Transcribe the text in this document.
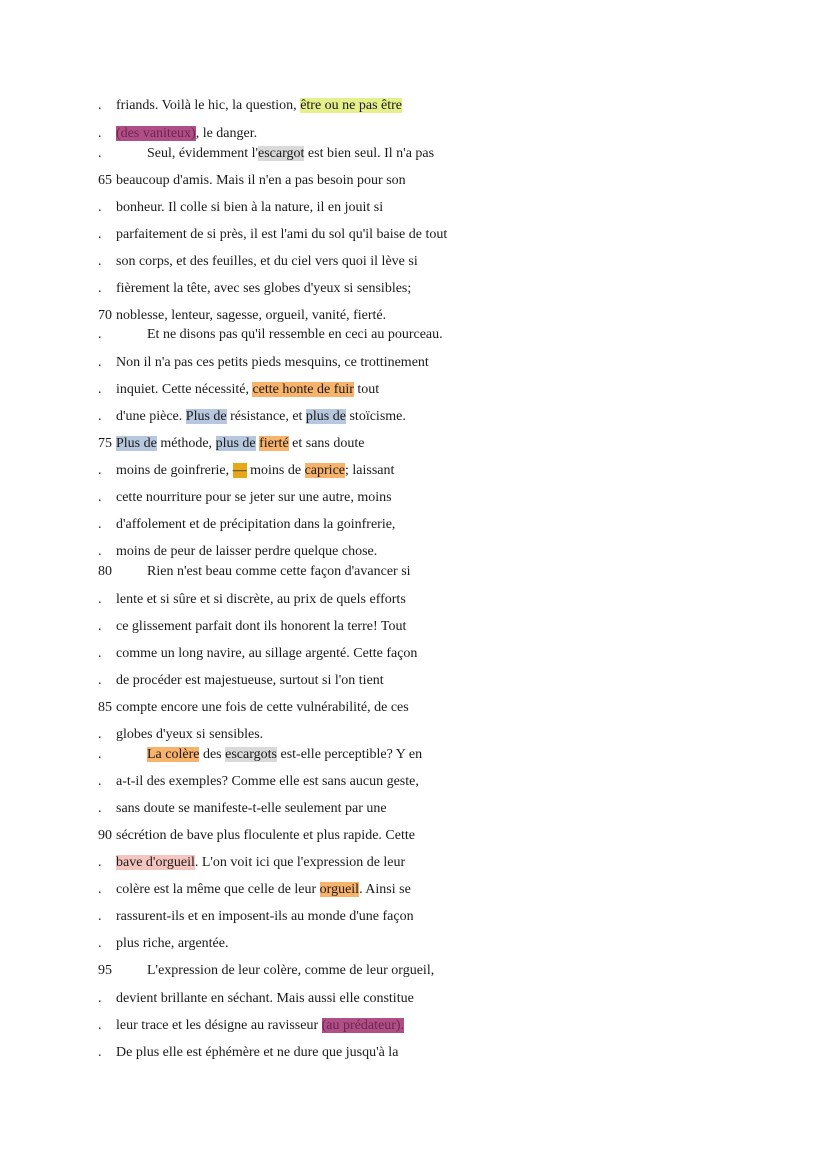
.	friands. Voilà le hic, la question, être ou ne pas être
.	(des vaniteux), le danger.
.	Seul, évidemment l'escargot est bien seul. Il n'a pas
65 beaucoup d'amis. Mais il n'en a pas besoin pour son
.	bonheur. Il colle si bien à la nature, il en jouit si
.	parfaitement de si près, il est l'ami du sol qu'il baise de tout
.	son corps, et des feuilles, et du ciel vers quoi il lève si
.	fièrement la tête, avec ses globes d'yeux si sensibles;
70 noblesse, lenteur, sagesse, orgueil, vanité, fierté.
.	Et ne disons pas qu'il ressemble en ceci au pourceau.
.	Non il n'a pas ces petits pieds mesquins, ce trottinement
.	inquiet. Cette nécessité, cette honte de fuir tout
.	d'une pièce. Plus de résistance, et plus de stoïcisme.
75 Plus de méthode, plus de fierté et sans doute
.	moins de goinfrerie, — moins de caprice; laissant
.	cette nourriture pour se jeter sur une autre, moins
.	d'affolement et de précipitation dans la goinfrerie,
.	moins de peur de laisser perdre quelque chose.
80	Rien n'est beau comme cette façon d'avancer si
.	lente et si sûre et si discrète, au prix de quels efforts
.	ce glissement parfait dont ils honorent la terre! Tout
.	comme un long navire, au sillage argenté. Cette façon
.	de procéder est majestueuse, surtout si l'on tient
85 compte encore une fois de cette vulnérabilité, de ces
.	globes d'yeux si sensibles.
.	La colère des escargots est-elle perceptible? Y en
.	a-t-il des exemples? Comme elle est sans aucun geste,
.	sans doute se manifeste-t-elle seulement par une
90 sécrétion de bave plus floculente et plus rapide. Cette
.	bave d'orgueil. L'on voit ici que l'expression de leur
.	colère est la même que celle de leur orgueil. Ainsi se
.	rassurent-ils et en imposent-ils au monde d'une façon
.	plus riche, argentée.
95	L'expression de leur colère, comme de leur orgueil,
.	devient brillante en séchant. Mais aussi elle constitue
.	leur trace et les désigne au ravisseur (au prédateur).
.	De plus elle est éphémère et ne dure que jusqu'à la
